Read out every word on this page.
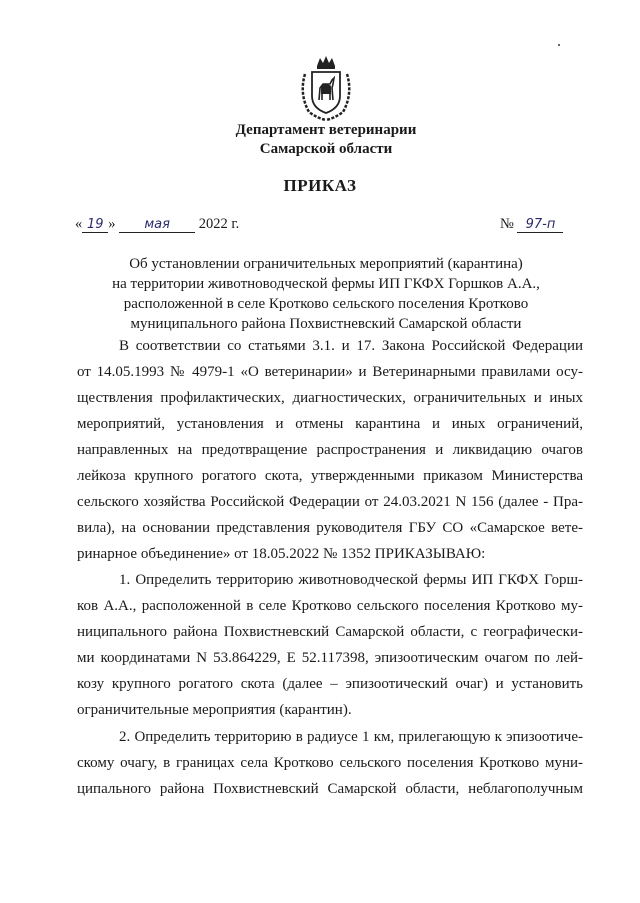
Департамент ветеринарии
Самарской области
ПРИКАЗ
« 19 » мая 2022 г.	№ 97-п
Об установлении ограничительных мероприятий (карантина)
на территории животноводческой фермы ИП ГКФХ Горшков А.А.,
расположенной в селе Кротково сельского поселения Кротково
муниципального района Похвистневский Самарской области
В соответствии со статьями 3.1. и 17. Закона Российской Федерации
от 14.05.1993 № 4979-1 «О ветеринарии» и Ветеринарными правилами осу-
ществления профилактических, диагностических, ограничительных и иных
мероприятий, установления и отмены карантина и иных ограничений,
направленных на предотвращение распространения и ликвидацию очагов
лейкоза крупного рогатого скота, утвержденными приказом Министерства
сельского хозяйства Российской Федерации от 24.03.2021 N 156 (далее - Пра-
вила), на основании представления руководителя ГБУ СО «Самарское вете-
ринарное объединение» от 18.05.2022 № 1352 ПРИКАЗЫВАЮ:
1. Определить территорию животноводческой фермы ИП ГКФХ Горш-
ков А.А., расположенной в селе Кротково сельского поселения Кротково му-
ниципального района Похвистневский Самарской области, с географически-
ми координатами N 53.864229, E 52.117398, эпизоотическим очагом по лей-
козу крупного рогатого скота (далее – эпизоотический очаг) и установить
ограничительные мероприятия (карантин).
2. Определить территорию в радиусе 1 км, прилегающую к эпизоотиче-
скому очагу, в границах села Кротково сельского поселения Кротково муни-
ципального района Похвистневский Самарской области, неблагополучным
